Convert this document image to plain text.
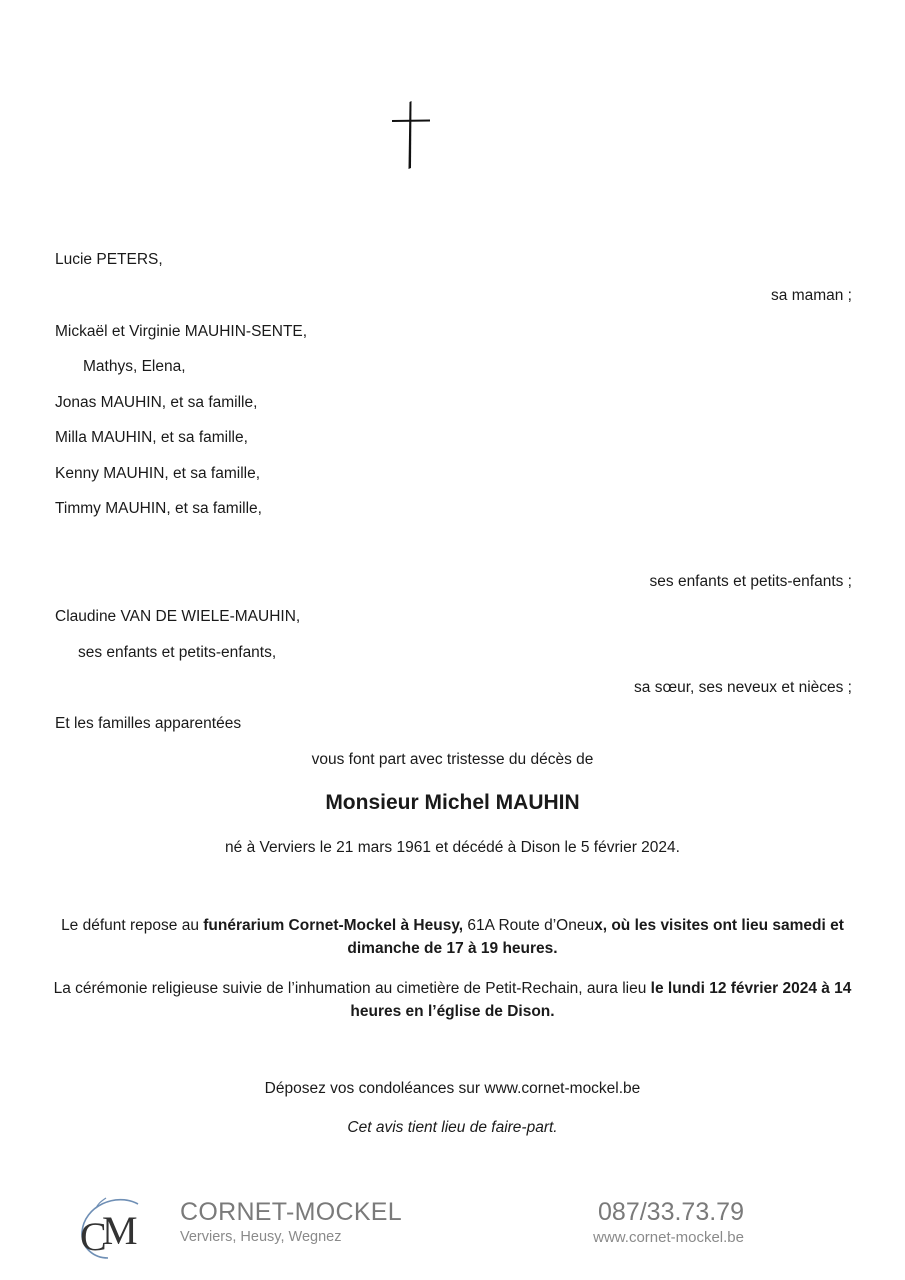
Lucie PETERS,
sa maman ;
Mickaël et Virginie MAUHIN-SENTE,
Mathys, Elena,
Jonas MAUHIN, et sa famille,
Milla MAUHIN, et sa famille,
Kenny MAUHIN, et sa famille,
Timmy MAUHIN, et sa famille,
ses enfants et petits-enfants ;
Claudine VAN DE WIELE-MAUHIN,
ses enfants et petits-enfants,
sa sœur, ses neveux et nièces ;
Et les familles apparentées
vous font part avec tristesse du décès de
Monsieur Michel MAUHIN
né à Verviers le 21 mars 1961 et décédé à Dison le 5 février 2024.
Le défunt repose au funérarium Cornet-Mockel à Heusy, 61A Route d’Oneux, où les visites ont lieu samedi et dimanche de 17 à 19 heures.
La cérémonie religieuse suivie de l’inhumation au cimetière de Petit-Rechain, aura lieu le lundi 12 février 2024 à 14 heures en l’église de Dison.
Déposez vos condoléances sur www.cornet-mockel.be
Cet avis tient lieu de faire-part.
C
M CORNET-MOCKEL
Verviers, Heusy, Wegnez
087/33.73.79
www.cornet-mockel.be
